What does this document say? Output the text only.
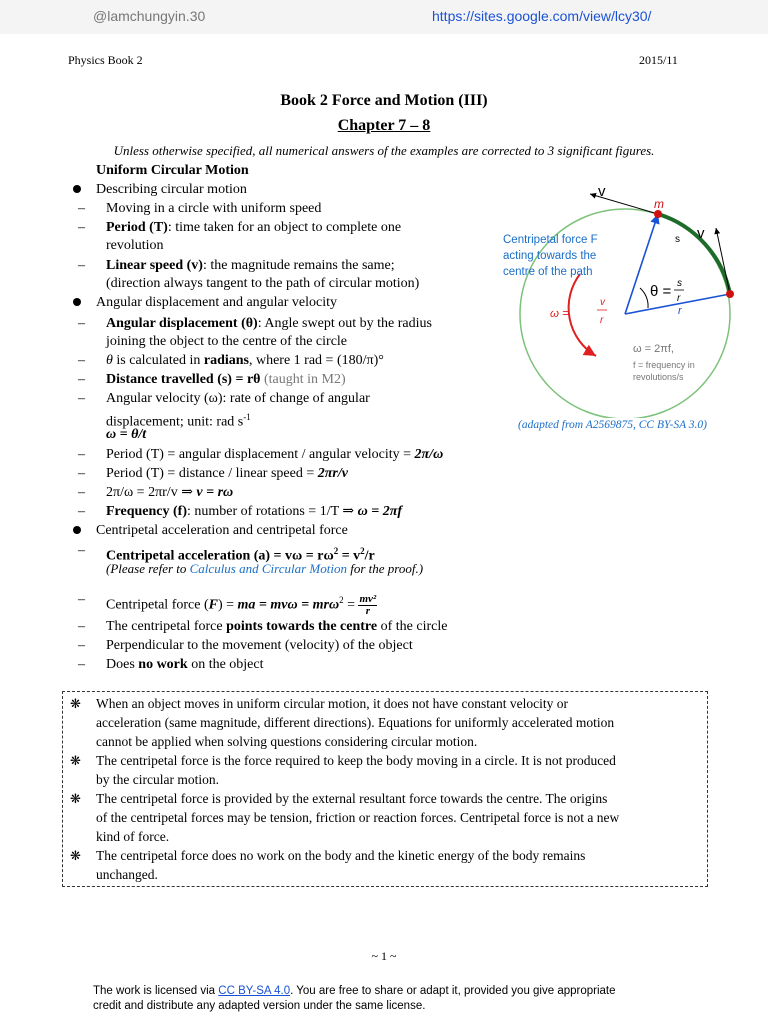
@lamchungyin.30	https://sites.google.com/view/lcy30/
Physics Book 2	2015/11
Book 2 Force and Motion (III)
Chapter 7 – 8
Unless otherwise specified, all numerical answers of the examples are corrected to 3 significant figures.
Uniform Circular Motion
Describing circular motion
– Moving in a circle with uniform speed
– Period (T): time taken for an object to complete one
revolution
– Linear speed (v): the magnitude remains the same;
(direction always tangent to the path of circular motion)
Angular displacement and angular velocity
– Angular displacement (θ): Angle swept out by the radius
joining the object to the centre of the circle
– θ is calculated in radians, where 1 rad = (180/π)°
– Distance travelled (s) = rθ (taught in M2)
– Angular velocity (ω): rate of change of angular
displacement; unit: rad $s^{-1}$
ω = θ/t
– Period (T) = angular displacement / angular velocity = 2π/ω
– Period (T) = distance / linear speed = 2πr/v
– 2π/ω = 2πr/v ⇒ v = rω
– Frequency (f): number of rotations = 1/T ⇒ ω = 2πf
Centripetal acceleration and centripetal force
– Centripetal acceleration $(a) = v\omega = r\omega^2 = v^2/r$
(Please refer to Calculus and Circular Motion for the proof.)
– Centripetal force (F) = ma = $mv\omega = mr\omega^2 = \frac{\text{mv²}}{r}$
– The centripetal force points towards the centre of the circle
– Perpendicular to the movement (velocity) of the object
– Does no work on the object
v
m
s v
Centripetal force F
acting towards the
centre of the path
θ = s
r
ω =
v
r
r
ω = 2πf,
f = frequency in
revolutions/s
(adapted from A2569875, CC BY-SA 3.0)
❋ When an object moves in uniform circular motion, it does not have constant velocity or
acceleration (same magnitude, different directions). Equations for uniformly accelerated motion
cannot be applied when solving questions considering circular motion.
❋ The centripetal force is the force required to keep the body moving in a circle. It is not produced
by the circular motion.
❋ The centripetal force is provided by the external resultant force towards the centre. The origins
of the centripetal forces may be tension, friction or reaction forces. Centripetal force is not a new
kind of force.
❋ The centripetal force does no work on the body and the kinetic energy of the body remains
unchanged.
~ 1 ~
The work is licensed via CC BY-SA 4.0. You are free to share or adapt it, provided you give appropriate
credit and distribute any adapted version under the same license.
